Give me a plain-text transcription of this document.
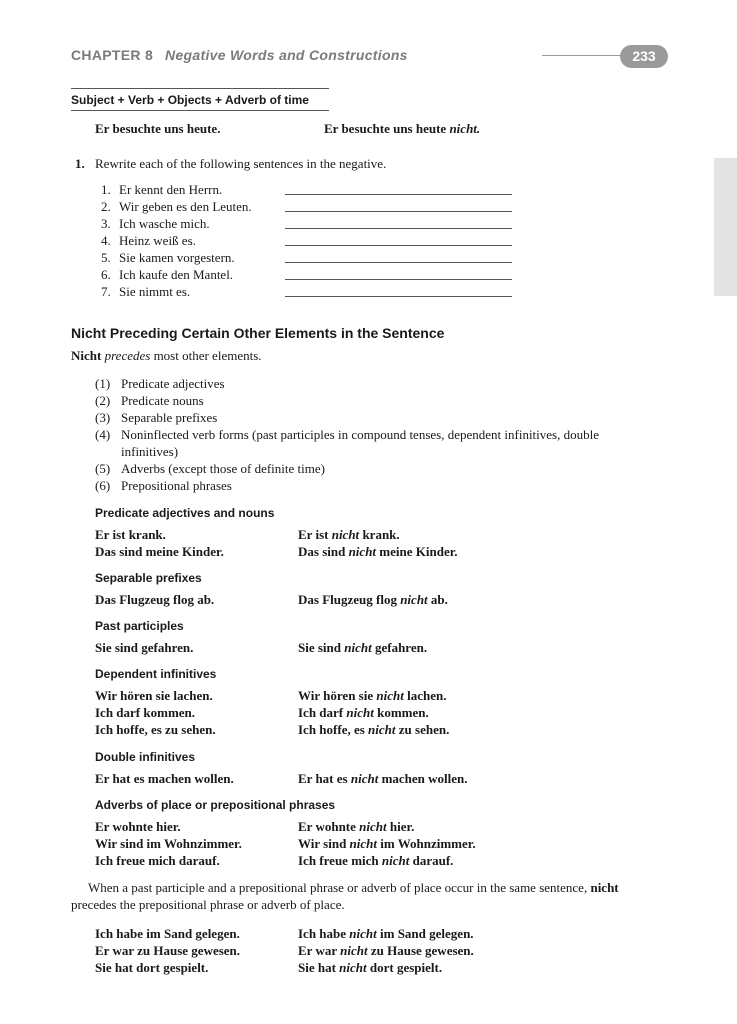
CHAPTER 8 Negative Words and Constructions	233
Subject + Verb + Objects + Adverb of time
Er besuchte uns heute.	Er besuchte uns heute nicht.
1. Rewrite each of the following sentences in the negative.
1. Er kennt den Herrn.
2. Wir geben es den Leuten.
3. Ich wasche mich.
4. Heinz weiß es.
5. Sie kamen vorgestern.
6. Ich kaufe den Mantel.
7. Sie nimmt es.
Nicht Preceding Certain Other Elements in the Sentence
Nicht precedes most other elements.
(1) Predicate adjectives
(2) Predicate nouns
(3) Separable prefixes
(4) Noninflected verb forms (past participles in compound tenses, dependent infinitives, double
infinitives)
(5) Adverbs (except those of definite time)
(6) Prepositional phrases
Predicate adjectives and nouns
Er ist krank.	Er ist nicht krank.
Das sind meine Kinder.	Das sind nicht meine Kinder.
Separable prefixes
Das Flugzeug flog ab.	Das Flugzeug flog nicht ab.
Past participles
Sie sind gefahren.	Sie sind nicht gefahren.
Dependent infinitives
Wir hören sie lachen.	Wir hören sie nicht lachen.
Ich darf kommen.	Ich darf nicht kommen.
Ich hoffe, es zu sehen.	Ich hoffe, es nicht zu sehen.
Double infinitives
Er hat es machen wollen.	Er hat es nicht machen wollen.
Adverbs of place or prepositional phrases
Er wohnte hier.	Er wohnte nicht hier.
Wir sind im Wohnzimmer.	Wir sind nicht im Wohnzimmer.
Ich freue mich darauf.	Ich freue mich nicht darauf.
When a past participle and a prepositional phrase or adverb of place occur in the same sentence, nicht
precedes the prepositional phrase or adverb of place.
Ich habe im Sand gelegen.	Ich habe nicht im Sand gelegen.
Er war zu Hause gewesen.	Er war nicht zu Hause gewesen.
Sie hat dort gespielt.	Sie hat nicht dort gespielt.
